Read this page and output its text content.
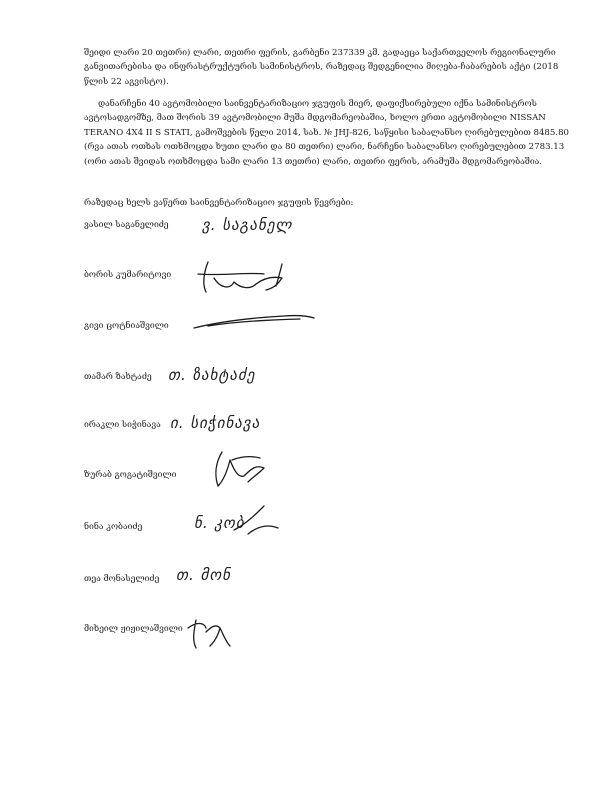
შეიდი ლარი 20 თეთრი) ლარი, თეთრი ფერის, გარბენი 237339 კმ. გადაეცა საქართველოს რეგიონალური
განვითარებისა და ინფრასტრუქტურის სამინისტროს, რაზედაც შედგენილია მიღება-ჩაბარების აქტი (2018
წლის 22 აგვისტო).
დანარჩენი 40 ავტომობილი საინვენტარიზაციო ჯგუფის მიერ, დაფიქსირებული იქნა სამინისტროს
ავტოსადგომზე, მათ შორის 39 ავტომობილი მუშა მდგომარეობაშია, ხოლო ერთი ავტომობილი NISSAN
TERANO 4X4 II S STATI, გამოშვების წელი 2014, სახ. № JHJ-826, საწყისი საბალანსო ღირებულებით 8485.80
(რვა ათას ოთხას ოთხმოცდა ხუთი ლარი და 80 თეთრი) ლარი, ნარჩენი საბალანსო ღირებულებით 2783.13
(ორი ათას შვიდას ოთხმოცდა სამი ლარი 13 თეთრი) ლარი, თეთრი ფერის, არამუშა მდგომარეობაშია.
რაზედაც ხელს ვაწერთ საინვენტარიზაციო ჯგუფის წევრები:
ვასილ საგანელიძე ვ. საგანელ
ბორის კუმარიტოვი
გივი ცოტნიაშვილი
თამარ ზახტაძე თ. ზახტაძე
ირაკლი სიჭინავა ი. სიჭინავა
ზურაბ გოგატიშვილი
ნინა კობაიძე	ნ. კობ
თეა მონასელიძე თ. მონ
მიხეილ ჟიჟილაშვილი
